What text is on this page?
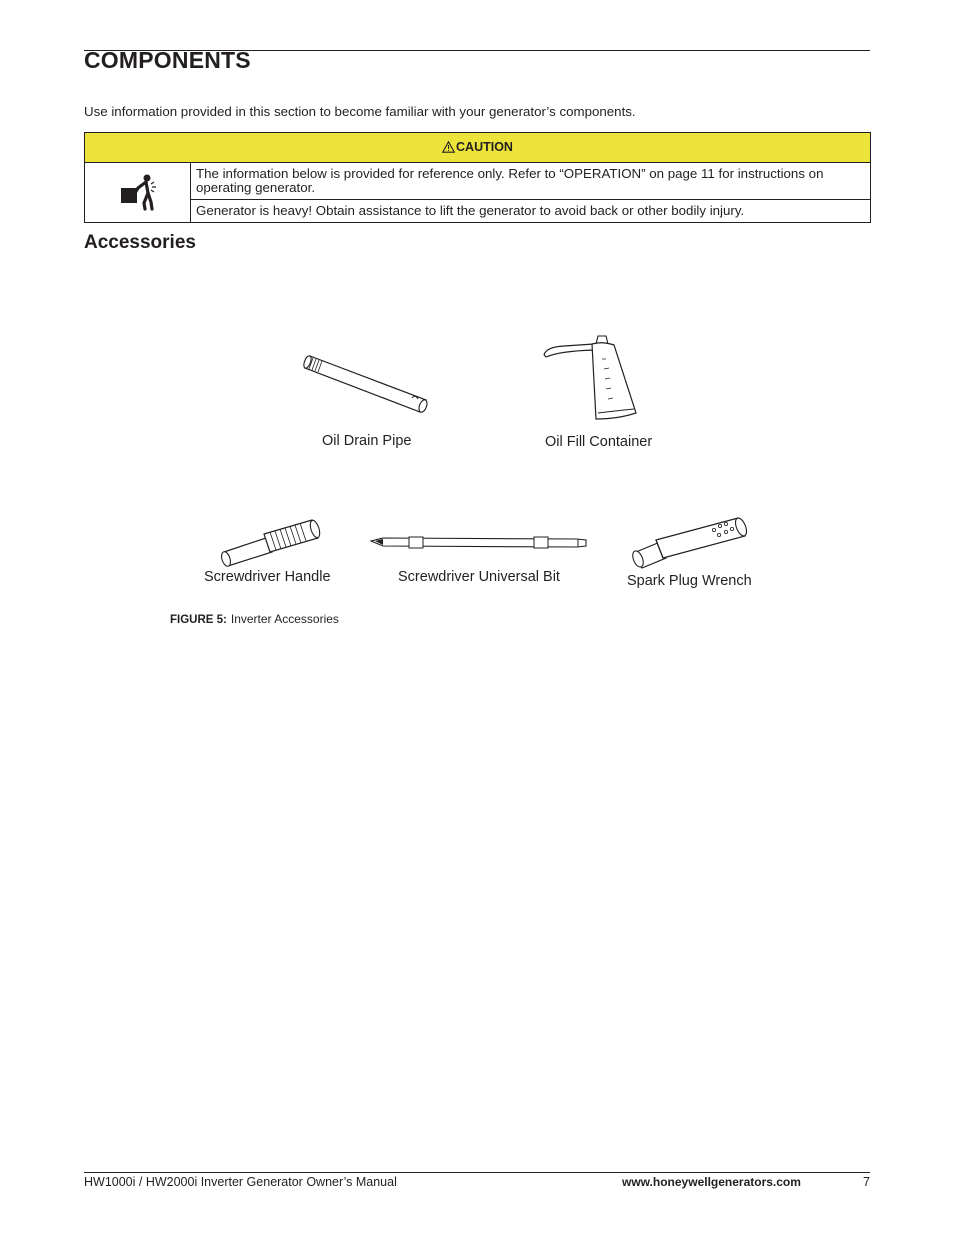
COMPONENTS
Use information provided in this section to become familiar with your generator’s components.
CAUTION
	The information below is provided for reference only. Refer to “OPERATION” on page 11 for instructions on operating generator.
Generator is heavy! Obtain assistance to lift the generator to avoid back or other bodily injury.
Accessories
Oil Drain Pipe	Oil Fill Container
Screwdriver Handle	Screwdriver Universal Bit	Spark Plug Wrench
FIGURE 5: Inverter Accessories
HW1000i / HW2000i Inverter Generator Owner’s Manual	www.honeywellgenerators.com	7
